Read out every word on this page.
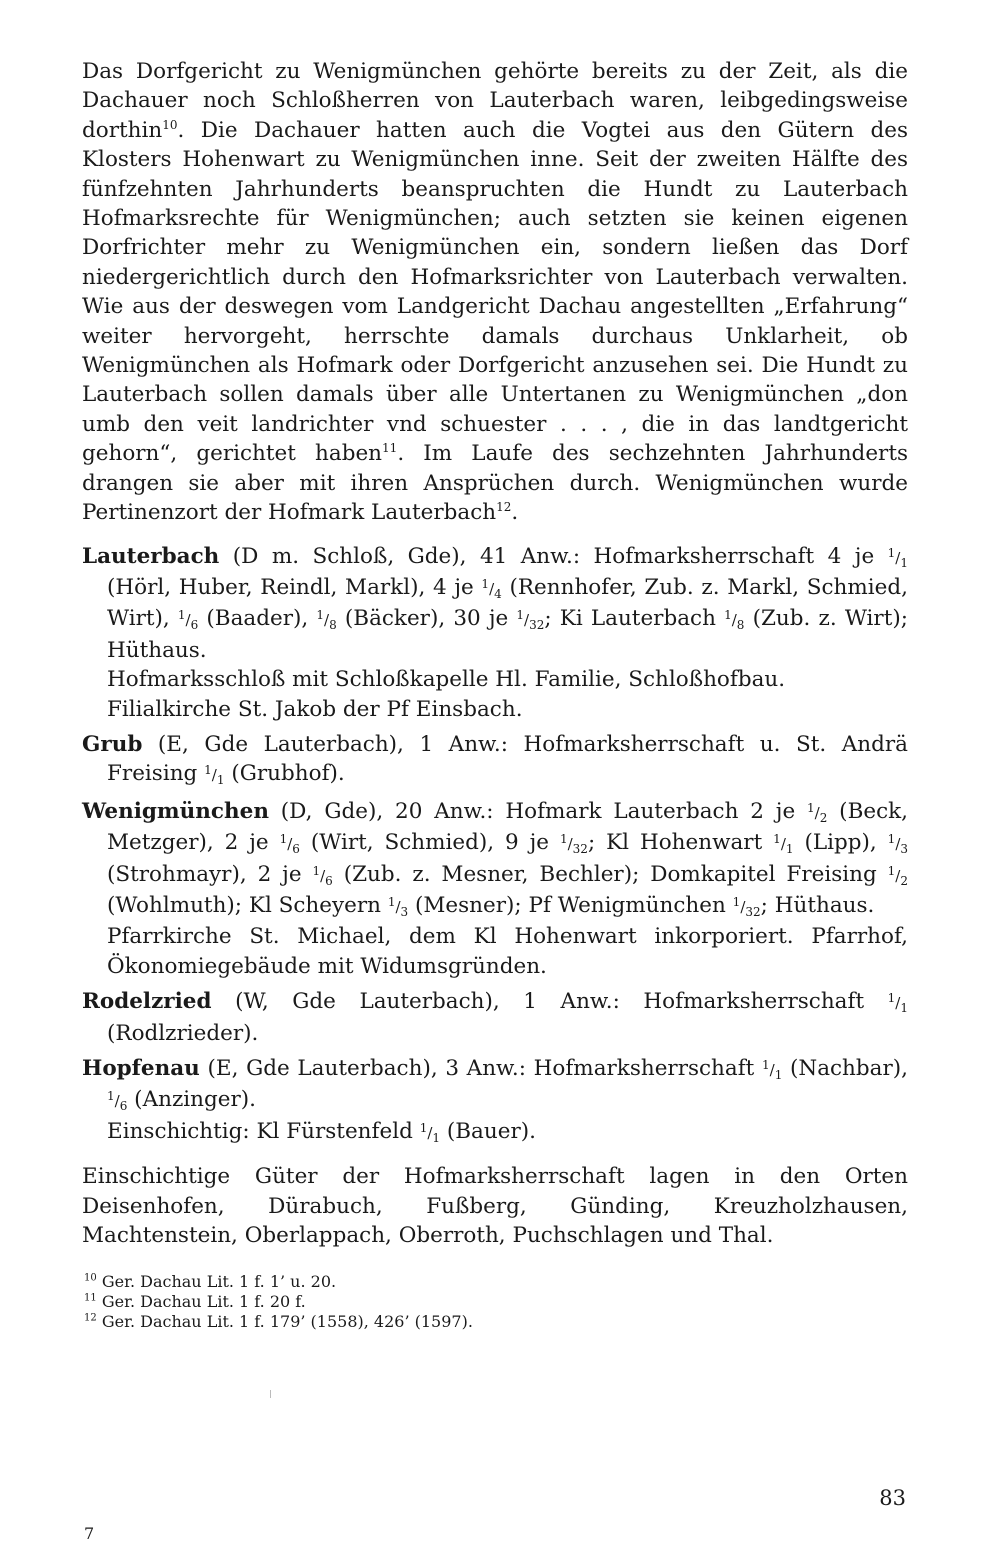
Das Dorfgericht zu Wenigmünchen gehörte bereits zu der Zeit, als die Dachauer noch Schloßherren von Lauterbach waren, leibgedingsweise dorthin$^{10}$. Die Dachauer hatten auch die Vogtei aus den Gütern des Klosters Hohenwart zu Wenigmünchen inne. Seit der zweiten Hälfte des fünfzehnten Jahrhunderts beanspruchten die Hundt zu Lauterbach Hofmarksrechte für Wenigmünchen; auch setzten sie keinen eigenen Dorfrichter mehr zu Wenigmünchen ein, sondern ließen das Dorf niedergerichtlich durch den Hofmarksrichter von Lauterbach verwalten. Wie aus der deswegen vom Landgericht Dachau angestellten „Erfahrung“ weiter hervorgeht, herrschte damals durchaus Unklarheit, ob Wenigmünchen als Hofmark oder Dorfgericht anzusehen sei. Die Hundt zu Lauterbach sollen damals über alle Untertanen zu Wenigmünchen „don umb den veit landrichter vnd schuester . . . , die in das landtgericht gehorn“, gerichtet haben$^{11}$. Im Laufe des sechzehnten Jahrhunderts drangen sie aber mit ihren Ansprüchen durch. Wenigmünchen wurde Pertinenzort der Hofmark Lauterbach$^{12}$.

Lauterbach (D m. Schloß, Gde), 41 Anw.: Hofmarksherrschaft 4 je $^1/_1$ (Hörl, Huber, Reindl, Markl), 4 je $^1/_4$ (Rennhofer, Zub. z. Markl, Schmied, Wirt), $^1/_6$ (Baader), $^1/_8$ (Bäcker), 30 je $^1/_{32}$; Ki Lauterbach $^1/_8$ (Zub. z. Wirt); Hüthaus.

Hofmarksschloß mit Schloßkapelle Hl. Familie, Schloßhofbau.

Filialkirche St. Jakob der Pf Einsbach.

Grub (E, Gde Lauterbach), 1 Anw.: Hofmarksherrschaft u. St. Andrä Freising $^1/_1$ (Grubhof).

Wenigmünchen (D, Gde), 20 Anw.: Hofmark Lauterbach 2 je $^1/_2$ (Beck, Metzger), 2 je $^1/_6$ (Wirt, Schmied), 9 je $^1/_{32}$; Kl Hohenwart $^1/_1$ (Lipp), $^1/_3$ (Strohmayr), 2 je $^1/_6$ (Zub. z. Mesner, Bechler); Domkapitel Freising $^1/_2$ (Wohlmuth); Kl Scheyern $^1/_3$ (Mesner); Pf Wenigmünchen $^1/_{32}$; Hüthaus.

Pfarrkirche St. Michael, dem Kl Hohenwart inkorporiert. Pfarrhof, Ökonomiegebäude mit Widumsgründen.

Rodelzried (W, Gde Lauterbach), 1 Anw.: Hofmarksherrschaft $^1/_1$ (Rodlzrieder).

Hopfenau (E, Gde Lauterbach), 3 Anw.: Hofmarksherrschaft $^1/_1$ (Nachbar), $^1/_6$ (Anzinger).

Einschichtig: Kl Fürstenfeld $^1/_1$ (Bauer).

Einschichtige Güter der Hofmarksherrschaft lagen in den Orten Deisenhofen, Dürabuch, Fußberg, Günding, Kreuzholzhausen, Machtenstein, Oberlappach, Oberroth, Puchschlagen und Thal.

$^{10}$ Ger. Dachau Lit. 1 f. 1’ u. 20.

$^{11}$ Ger. Dachau Lit. 1 f. 20 f.

$^{12}$ Ger. Dachau Lit. 1 f. 179’ (1558), 426’ (1597).

83
7
